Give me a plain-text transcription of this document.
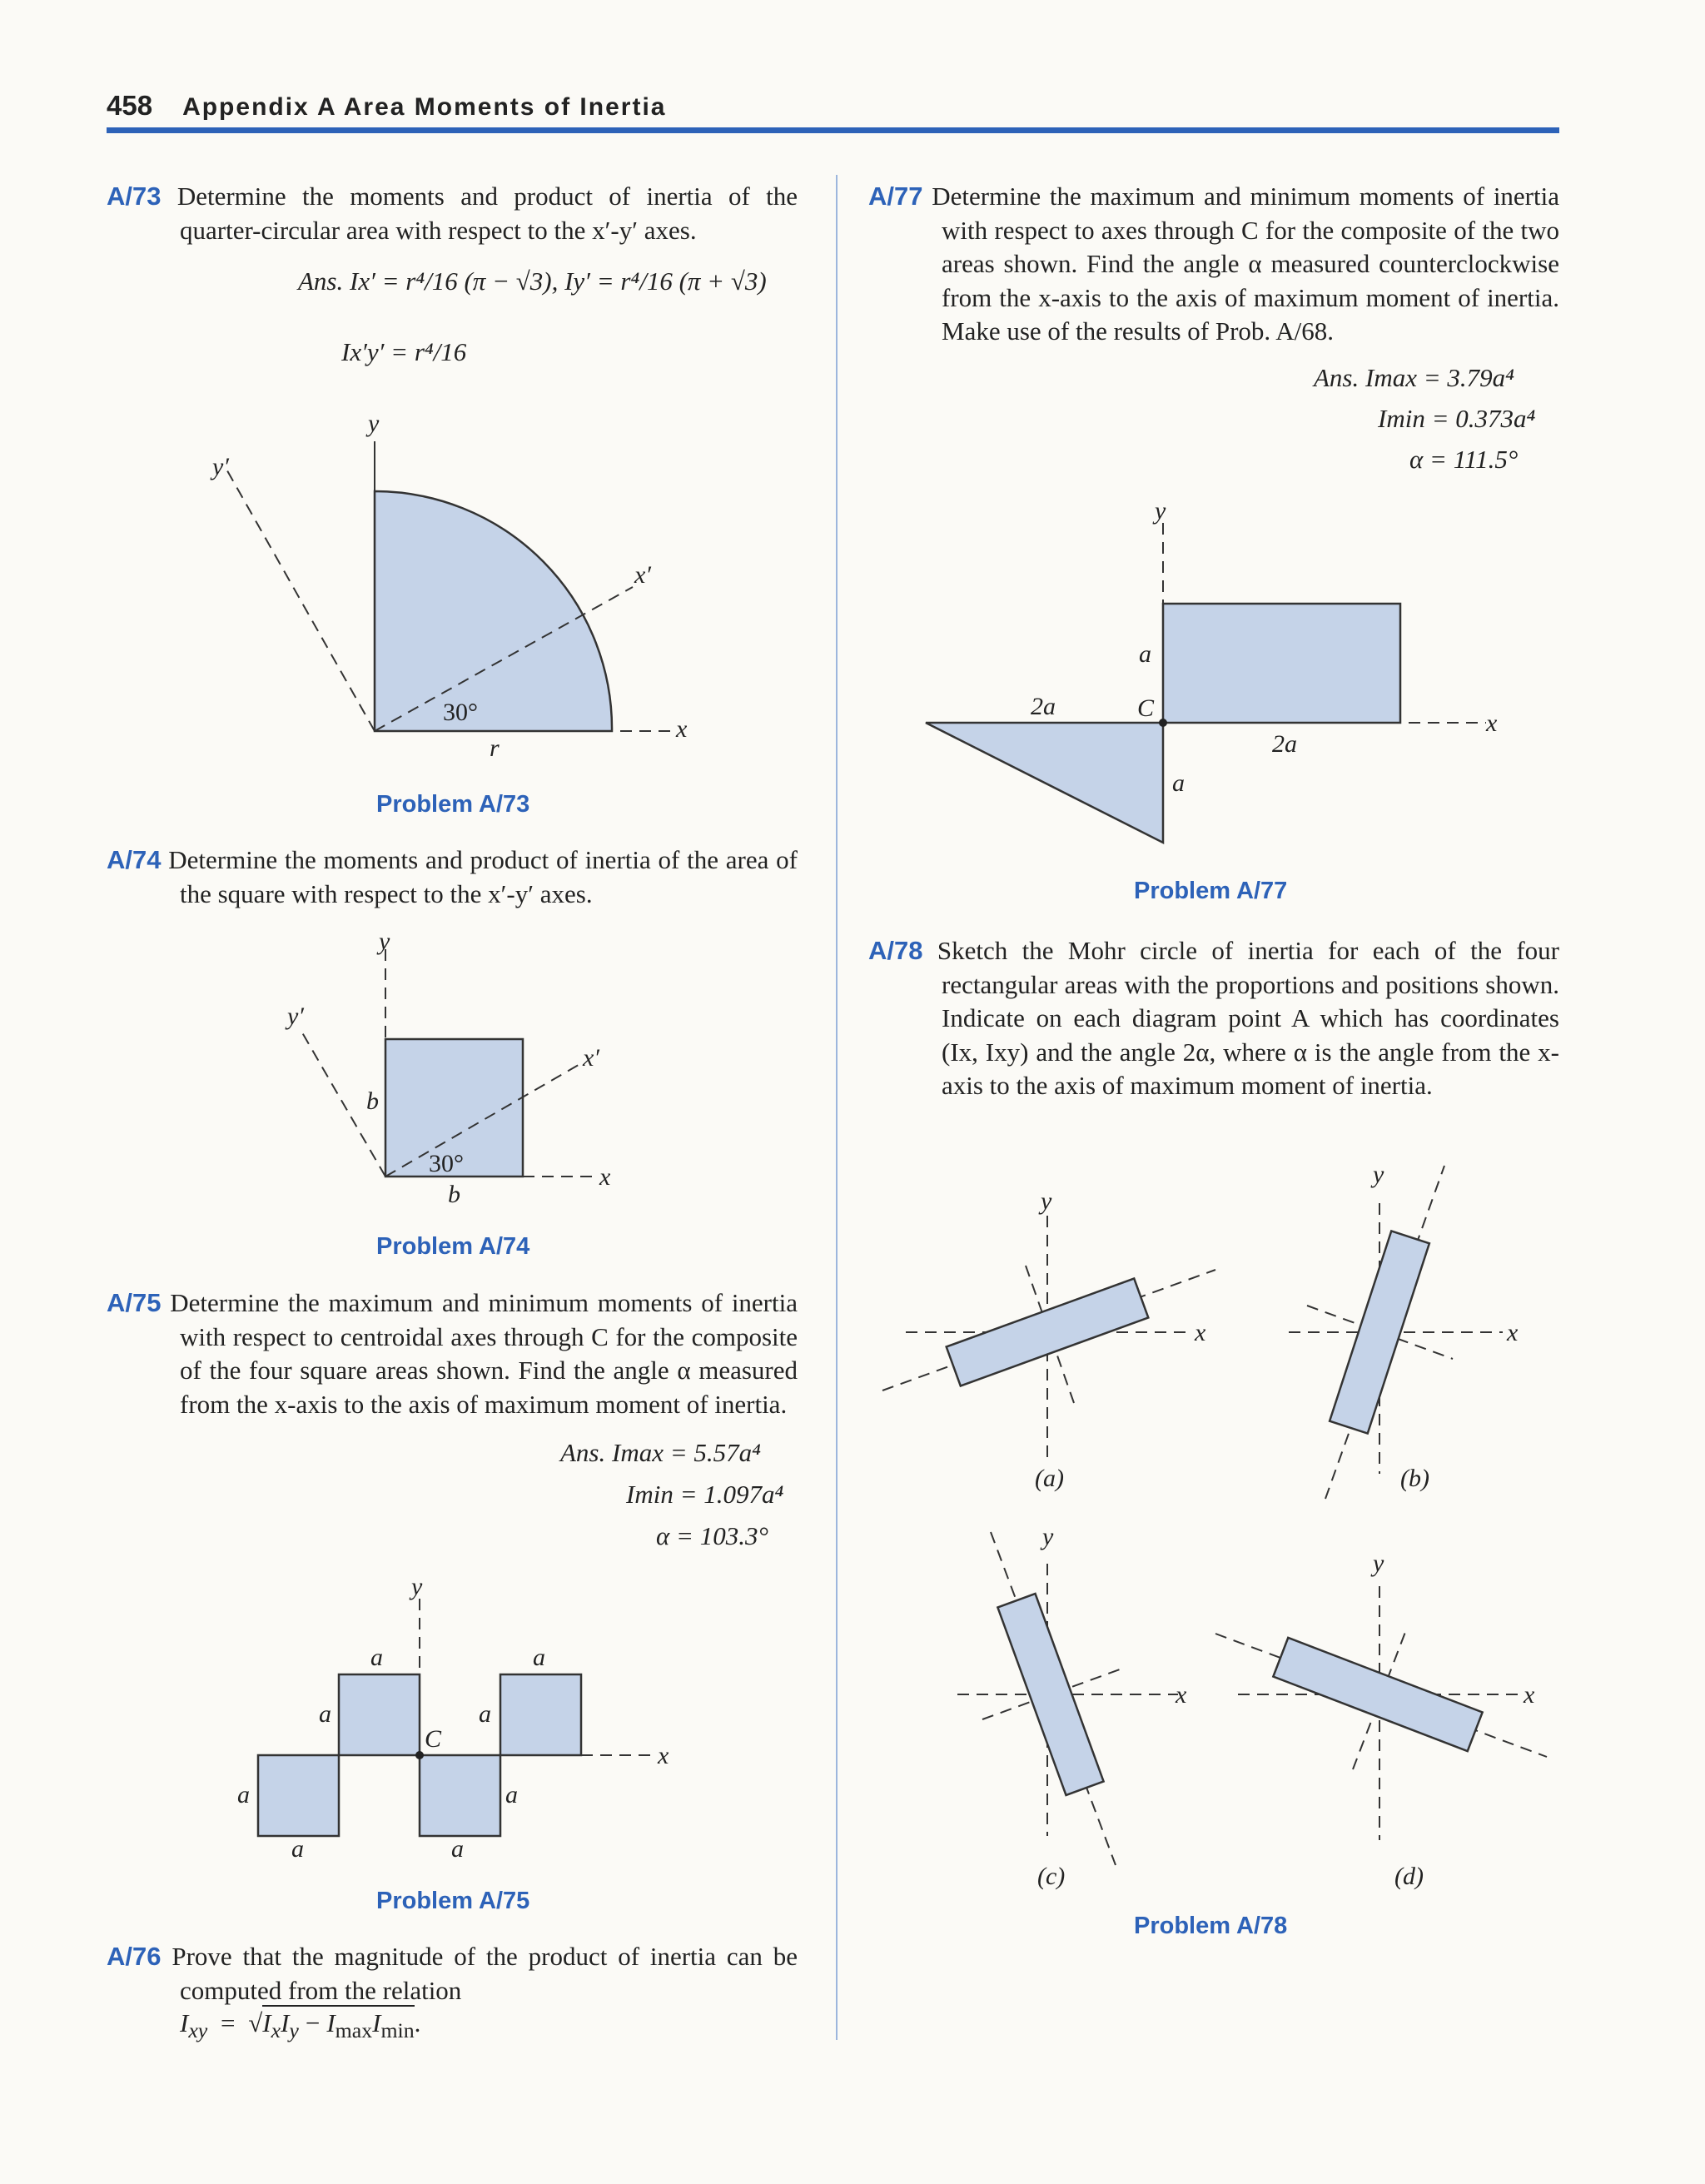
458 Appendix A Area Moments of Inertia
A/73 Determine the moments and product of inertia of the quarter-circular area with respect to the x′-y′ axes.
Ans. Ix′ = r⁴/16 (π − √3), Iy′ = r⁴/16 (π + √3)
Ix′y′ = r⁴/16
y
y′
x′
x
30°
r
Problem A/73
A/74 Determine the moments and product of inertia of the area of the square with respect to the x′-y′ axes.
y
y′
x′
x
b
30°
b
Problem A/74
A/75 Determine the maximum and minimum moments of inertia with respect to centroidal axes through C for the composite of the four square areas shown. Find the angle α measured from the x-axis to the axis of maximum moment of inertia.
Ans. Imax = 5.57a⁴
Imin = 1.097a⁴
α = 103.3°
y
x
C
a	a
a	a
a	a
a	a
Problem A/75
A/76 Prove that the magnitude of the product of inertia can be computed from the relation
$I_{xy} = √I_xI_y - I_{max}I_{min}$.
A/77 Determine the maximum and minimum moments of inertia with respect to axes through C for the composite of the two areas shown. Find the angle α measured counterclockwise from the x-axis to the axis of maximum moment of inertia. Make use of the results of Prob. A/68.
Ans. Imax = 3.79a⁴
Imin = 0.373a⁴
α = 111.5°
y
x
C
a
a
2a
2a
Problem A/77
A/78 Sketch the Mohr circle of inertia for each of the four rectangular areas with the proportions and positions shown. Indicate on each diagram point A which has coordinates (Ix, Ixy) and the angle 2α, where α is the angle from the x-axis to the axis of maximum moment of inertia.
y
x
(a)
y
x
(b)
y
x
(c)
y
x
(d)
Problem A/78
